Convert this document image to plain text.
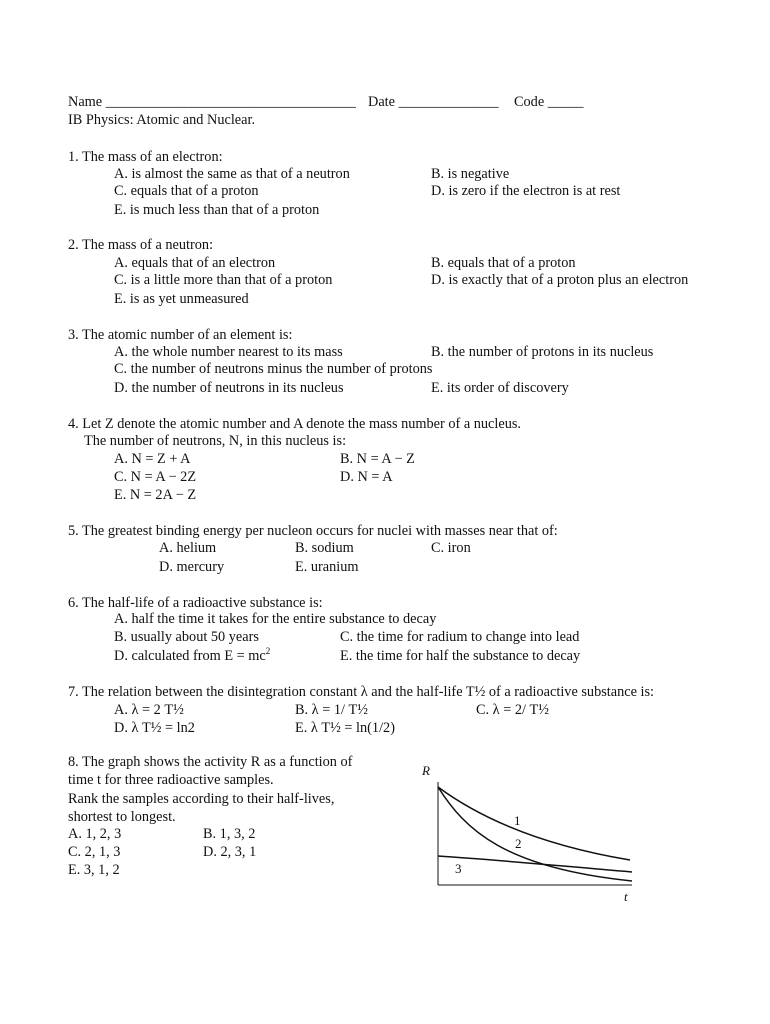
Name ___________________________________ Date ______________ Code _____
IB Physics: Atomic and Nuclear.
1. The mass of an electron:
A. is almost the same as that of a neutron	B. is negative
C. equals that of a proton	D. is zero if the electron is at rest
E. is much less than that of a proton
2. The mass of a neutron:
A. equals that of an electron	B. equals that of a proton
C. is a little more than that of a proton	D. is exactly that of a proton plus an electron
E. is as yet unmeasured
3. The atomic number of an element is:
A. the whole number nearest to its mass	B. the number of protons in its nucleus
C. the number of neutrons minus the number of protons
D. the number of neutrons in its nucleus	E. its order of discovery
4. Let Z denote the atomic number and A denote the mass number of a nucleus.
The number of neutrons, N, in this nucleus is:
A. N = Z + A	B. N = A − Z
C. N = A − 2Z	D. N = A
E. N = 2A − Z
5. The greatest binding energy per nucleon occurs for nuclei with masses near that of:
A. helium	B. sodium	C. iron
D. mercury	E. uranium
6. The half-life of a radioactive substance is:
A. half the time it takes for the entire substance to decay
B. usually about 50 years	C. the time for radium to change into lead
D. calculated from $E = mc^2$	E. the time for half the substance to decay
7. The relation between the disintegration constant λ and the half-life T½ of a radioactive substance is:
A. λ = 2 T½	B. λ = 1/ T½	C. λ = 2/ T½
D. λ T½ = ln2	E. λ T½ = ln(1/2)
8. The graph shows the activity R as a function of
time t for three radioactive samples.
Rank the samples according to their half-lives,
shortest to longest.
A. 1, 2, 3	B. 1, 3, 2
C. 2, 1, 3	D. 2, 3, 1
E. 3, 1, 2
R
t
1
2
3
